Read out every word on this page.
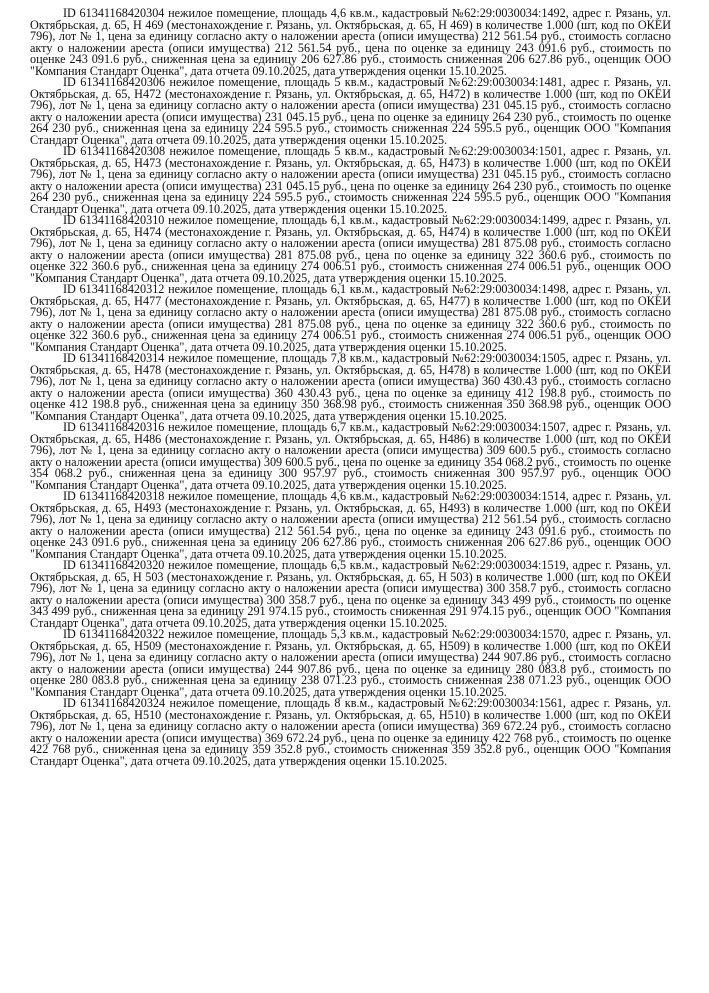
ID 61341168420304 нежилое помещение, площадь 4,6 кв.м., кадастровый №62:29:0030034:1492, адрес г. Рязань, ул. Октябрьская, д. 65, Н 469 (местонахождение г. Рязань, ул. Октябрьская, д. 65, Н 469) в количестве 1.000 (шт, код по ОКЕИ 796), лот № 1, цена за единицу согласно акту о наложении ареста (описи имущества) 212 561.54 руб., стоимость согласно акту о наложении ареста (описи имущества) 212 561.54 руб., цена по оценке за единицу 243 091.6 руб., стоимость по оценке 243 091.6 руб., сниженная цена за единицу 206 627.86 руб., стоимость сниженная 206 627.86 руб., оценщик ООО "Компания Стандарт Оценка", дата отчета 09.10.2025, дата утверждения оценки 15.10.2025.

ID 61341168420306 нежилое помещение, площадь 5 кв.м., кадастровый №62:29:0030034:1481, адрес г. Рязань, ул. Октябрьская, д. 65, Н472 (местонахождение г. Рязань, ул. Октябрьская, д. 65, Н472) в количестве 1.000 (шт, код по ОКЕИ 796), лот № 1, цена за единицу согласно акту о наложении ареста (описи имущества) 231 045.15 руб., стоимость согласно акту о наложении ареста (описи имущества) 231 045.15 руб., цена по оценке за единицу 264 230 руб., стоимость по оценке 264 230 руб., сниженная цена за единицу 224 595.5 руб., стоимость сниженная 224 595.5 руб., оценщик ООО "Компания Стандарт Оценка", дата отчета 09.10.2025, дата утверждения оценки 15.10.2025.

ID 61341168420308 нежилое помещение, площадь 5 кв.м., кадастровый №62:29:0030034:1501, адрес г. Рязань, ул. Октябрьская, д. 65, Н473 (местонахождение г. Рязань, ул. Октябрьская, д. 65, Н473) в количестве 1.000 (шт, код по ОКЕИ 796), лот № 1, цена за единицу согласно акту о наложении ареста (описи имущества) 231 045.15 руб., стоимость согласно акту о наложении ареста (описи имущества) 231 045.15 руб., цена по оценке за единицу 264 230 руб., стоимость по оценке 264 230 руб., сниженная цена за единицу 224 595.5 руб., стоимость сниженная 224 595.5 руб., оценщик ООО "Компания Стандарт Оценка", дата отчета 09.10.2025, дата утверждения оценки 15.10.2025.

ID 61341168420310 нежилое помещение, площадь 6,1 кв.м., кадастровый №62:29:0030034:1499, адрес г. Рязань, ул. Октябрьская, д. 65, Н474 (местонахождение г. Рязань, ул. Октябрьская, д. 65, Н474) в количестве 1.000 (шт, код по ОКЕИ 796), лот № 1, цена за единицу согласно акту о наложении ареста (описи имущества) 281 875.08 руб., стоимость согласно акту о наложении ареста (описи имущества) 281 875.08 руб., цена по оценке за единицу 322 360.6 руб., стоимость по оценке 322 360.6 руб., сниженная цена за единицу 274 006.51 руб., стоимость сниженная 274 006.51 руб., оценщик ООО "Компания Стандарт Оценка", дата отчета 09.10.2025, дата утверждения оценки 15.10.2025.

ID 61341168420312 нежилое помещение, площадь 6,1 кв.м., кадастровый №62:29:0030034:1498, адрес г. Рязань, ул. Октябрьская, д. 65, Н477 (местонахождение г. Рязань, ул. Октябрьская, д. 65, Н477) в количестве 1.000 (шт, код по ОКЕИ 796), лот № 1, цена за единицу согласно акту о наложении ареста (описи имущества) 281 875.08 руб., стоимость согласно акту о наложении ареста (описи имущества) 281 875.08 руб., цена по оценке за единицу 322 360.6 руб., стоимость по оценке 322 360.6 руб., сниженная цена за единицу 274 006.51 руб., стоимость сниженная 274 006.51 руб., оценщик ООО "Компания Стандарт Оценка", дата отчета 09.10.2025, дата утверждения оценки 15.10.2025.

ID 61341168420314 нежилое помещение, площадь 7,8 кв.м., кадастровый №62:29:0030034:1505, адрес г. Рязань, ул. Октябрьская, д. 65, Н478 (местонахождение г. Рязань, ул. Октябрьская, д. 65, Н478) в количестве 1.000 (шт, код по ОКЕИ 796), лот № 1, цена за единицу согласно акту о наложении ареста (описи имущества) 360 430.43 руб., стоимость согласно акту о наложении ареста (описи имущества) 360 430.43 руб., цена по оценке за единицу 412 198.8 руб., стоимость по оценке 412 198.8 руб., сниженная цена за единицу 350 368.98 руб., стоимость сниженная 350 368.98 руб., оценщик ООО "Компания Стандарт Оценка", дата отчета 09.10.2025, дата утверждения оценки 15.10.2025.

ID 61341168420316 нежилое помещение, площадь 6,7 кв.м., кадастровый №62:29:0030034:1507, адрес г. Рязань, ул. Октябрьская, д. 65, Н486 (местонахождение г. Рязань, ул. Октябрьская, д. 65, Н486) в количестве 1.000 (шт, код по ОКЕИ 796), лот № 1, цена за единицу согласно акту о наложении ареста (описи имущества) 309 600.5 руб., стоимость согласно акту о наложении ареста (описи имущества) 309 600.5 руб., цена по оценке за единицу 354 068.2 руб., стоимость по оценке 354 068.2 руб., сниженная цена за единицу 300 957.97 руб., стоимость сниженная 300 957.97 руб., оценщик ООО "Компания Стандарт Оценка", дата отчета 09.10.2025, дата утверждения оценки 15.10.2025.

ID 61341168420318 нежилое помещение, площадь 4,6 кв.м., кадастровый №62:29:0030034:1514, адрес г. Рязань, ул. Октябрьская, д. 65, Н493 (местонахождение г. Рязань, ул. Октябрьская, д. 65, Н493) в количестве 1.000 (шт, код по ОКЕИ 796), лот № 1, цена за единицу согласно акту о наложении ареста (описи имущества) 212 561.54 руб., стоимость согласно акту о наложении ареста (описи имущества) 212 561.54 руб., цена по оценке за единицу 243 091.6 руб., стоимость по оценке 243 091.6 руб., сниженная цена за единицу 206 627.86 руб., стоимость сниженная 206 627.86 руб., оценщик ООО "Компания Стандарт Оценка", дата отчета 09.10.2025, дата утверждения оценки 15.10.2025.

ID 61341168420320 нежилое помещение, площадь 6,5 кв.м., кадастровый №62:29:0030034:1519, адрес г. Рязань, ул. Октябрьская, д. 65, Н 503 (местонахождение г. Рязань, ул. Октябрьская, д. 65, Н 503) в количестве 1.000 (шт, код по ОКЕИ 796), лот № 1, цена за единицу согласно акту о наложении ареста (описи имущества) 300 358.7 руб., стоимость согласно акту о наложении ареста (описи имущества) 300 358.7 руб., цена по оценке за единицу 343 499 руб., стоимость по оценке 343 499 руб., сниженная цена за единицу 291 974.15 руб., стоимость сниженная 291 974.15 руб., оценщик ООО "Компания Стандарт Оценка", дата отчета 09.10.2025, дата утверждения оценки 15.10.2025.

ID 61341168420322 нежилое помещение, площадь 5,3 кв.м., кадастровый №62:29:0030034:1570, адрес г. Рязань, ул. Октябрьская, д. 65, Н509 (местонахождение г. Рязань, ул. Октябрьская, д. 65, Н509) в количестве 1.000 (шт, код по ОКЕИ 796), лот № 1, цена за единицу согласно акту о наложении ареста (описи имущества) 244 907.86 руб., стоимость согласно акту о наложении ареста (описи имущества) 244 907.86 руб., цена по оценке за единицу 280 083.8 руб., стоимость по оценке 280 083.8 руб., сниженная цена за единицу 238 071.23 руб., стоимость сниженная 238 071.23 руб., оценщик ООО "Компания Стандарт Оценка", дата отчета 09.10.2025, дата утверждения оценки 15.10.2025.

ID 61341168420324 нежилое помещение, площадь 8 кв.м., кадастровый №62:29:0030034:1561, адрес г. Рязань, ул. Октябрьская, д. 65, Н510 (местонахождение г. Рязань, ул. Октябрьская, д. 65, Н510) в количестве 1.000 (шт, код по ОКЕИ 796), лот № 1, цена за единицу согласно акту о наложении ареста (описи имущества) 369 672.24 руб., стоимость согласно акту о наложении ареста (описи имущества) 369 672.24 руб., цена по оценке за единицу 422 768 руб., стоимость по оценке 422 768 руб., сниженная цена за единицу 359 352.8 руб., стоимость сниженная 359 352.8 руб., оценщик ООО "Компания Стандарт Оценка", дата отчета 09.10.2025, дата утверждения оценки 15.10.2025.
